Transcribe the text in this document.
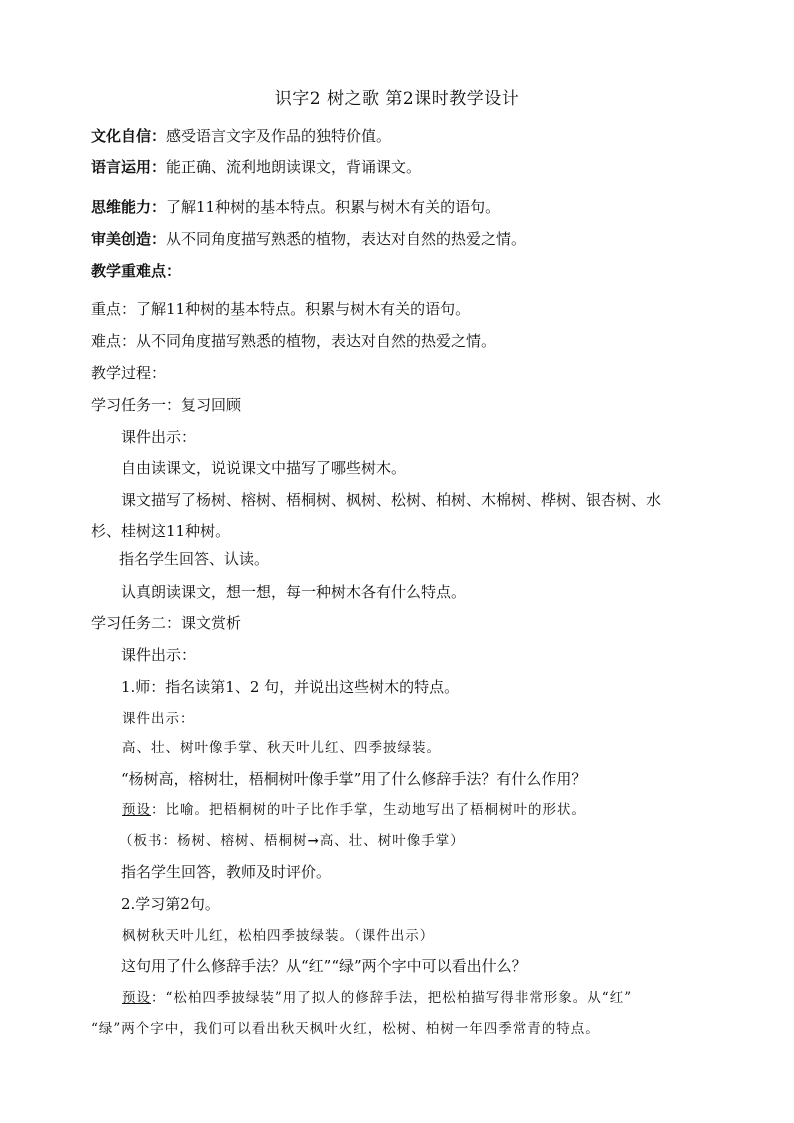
识字2 树之歌 第2课时教学设计
文化自信：感受语言文字及作品的独特价值。
语言运用：能正确、流利地朗读课文，背诵课文。
思维能力：了解11种树的基本特点。积累与树木有关的语句。
审美创造：从不同角度描写熟悉的植物，表达对自然的热爱之情。
教学重难点：
重点：了解11种树的基本特点。积累与树木有关的语句。
难点：从不同角度描写熟悉的植物，表达对自然的热爱之情。
教学过程：
学习任务一：复习回顾
课件出示：
自由读课文，说说课文中描写了哪些树木。
课文描写了杨树、榕树、梧桐树、枫树、松树、柏树、木棉树、桦树、银杏树、水
杉、桂树这11种树。
指名学生回答、认读。
认真朗读课文，想一想，每一种树木各有什么特点。
学习任务二：课文赏析
课件出示：
1.师：指名读第1、2 句，并说出这些树木的特点。
课件出示：
高、壮、树叶像手掌、秋天叶儿红、四季披绿装。
“杨树高，榕树壮，梧桐树叶像手掌”用了什么修辞手法？有什么作用？
预设：比喻。把梧桐树的叶子比作手掌，生动地写出了梧桐树叶的形状。
（板书：杨树、榕树、梧桐树→高、壮、树叶像手掌）
指名学生回答，教师及时评价。
2.学习第2句。
枫树秋天叶儿红，松柏四季披绿装。（课件出示）
这句用了什么修辞手法？从“红”“绿”两个字中可以看出什么？
预设：“松柏四季披绿装”用了拟人的修辞手法，把松柏描写得非常形象。从“红”
“绿”两个字中，我们可以看出秋天枫叶火红，松树、柏树一年四季常青的特点。
